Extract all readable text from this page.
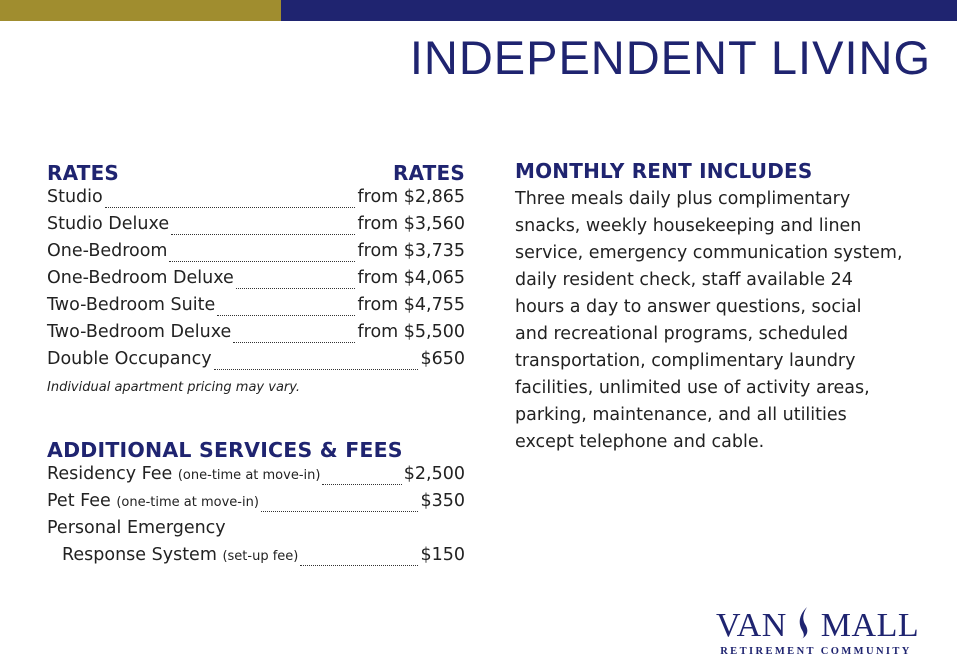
INDEPENDENT LIVING
RATES	RATES
Studio	from $2,865
Studio Deluxe	from $3,560
One-Bedroom	from $3,735
One-Bedroom Deluxe	from $4,065
Two-Bedroom Suite	from $4,755
Two-Bedroom Deluxe	from $5,500
Double Occupancy	$650
Individual apartment pricing may vary.
ADDITIONAL SERVICES & FEES
Residency Fee (one-time at move-in)	$2,500
Pet Fee (one-time at move-in)	$350
Personal Emergency
Response System (set-up fee)	$150
MONTHLY RENT INCLUDES

Three meals daily plus complimentary
snacks, weekly housekeeping and linen
service, emergency communication system,
daily resident check, staff available 24
hours a day to answer questions, social
and recreational programs, scheduled
transportation, complimentary laundry
facilities, unlimited use of activity areas,
parking, maintenance, and all utilities
except telephone and cable.

VAN MALL
RETIREMENT COMMUNITY
